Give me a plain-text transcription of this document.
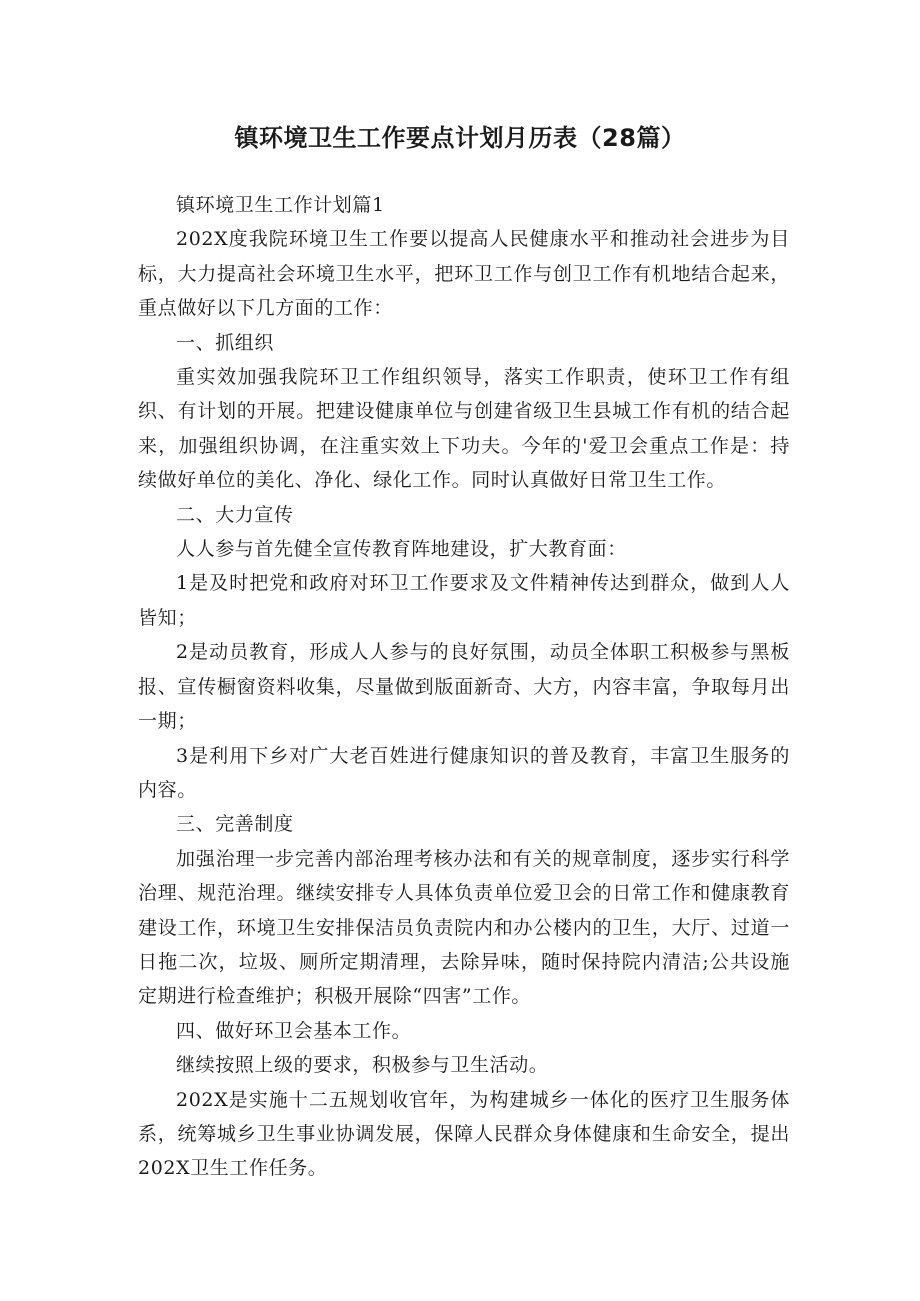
镇环境卫生工作要点计划月历表（28篇）

镇环境卫生工作计划篇1

202X度我院环境卫生工作要以提高人民健康水平和推动社会进步为目标，大力提高社会环境卫生水平，把环卫工作与创卫工作有机地结合起来，重点做好以下几方面的工作：

一、抓组织

重实效加强我院环卫工作组织领导，落实工作职责，使环卫工作有组织、有计划的开展。把建设健康单位与创建省级卫生县城工作有机的结合起来，加强组织协调，在注重实效上下功夫。今年的'爱卫会重点工作是：持续做好单位的美化、净化、绿化工作。同时认真做好日常卫生工作。

二、大力宣传

人人参与首先健全宣传教育阵地建设，扩大教育面：

1是及时把党和政府对环卫工作要求及文件精神传达到群众，做到人人皆知；

2是动员教育，形成人人参与的良好氛围，动员全体职工积极参与黑板报、宣传橱窗资料收集，尽量做到版面新奇、大方，内容丰富，争取每月出一期；

3是利用下乡对广大老百姓进行健康知识的普及教育，丰富卫生服务的内容。

三、完善制度

加强治理一步完善内部治理考核办法和有关的规章制度，逐步实行科学治理、规范治理。继续安排专人具体负责单位爱卫会的日常工作和健康教育建设工作，环境卫生安排保洁员负责院内和办公楼内的卫生，大厅、过道一日拖二次，垃圾、厕所定期清理，去除异味，随时保持院内清洁;公共设施定期进行检查维护；积极开展除“四害”工作。

四、做好环卫会基本工作。

继续按照上级的要求，积极参与卫生活动。

202X是实施十二五规划收官年，为构建城乡一体化的医疗卫生服务体系，统筹城乡卫生事业协调发展，保障人民群众身体健康和生命安全，提出202X卫生工作任务。
